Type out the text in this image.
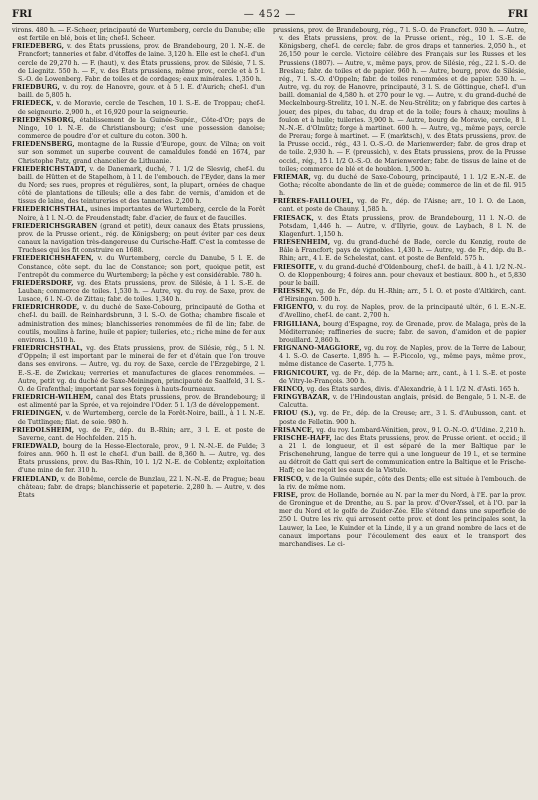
FRI	— 452 —	FRI
virons. 480 h. — F.-Scheer, principauté de Wurtemberg, cercle du Danube; elle est fertile en blé, bois et lin; chef-l. Scheer.
FRIEDEBERG, v. des États prussiens, prov. de Brandebourg, 20 l. N.-E. de Francfort; tanneries et fabr. d'étoffes de laine. 3,120 h. Elle est le chef-l. d'un cercle de 29,270 h. — F. (haut), v. des États prussiens, prov. de Silésie, 7 l. S. de Liegnitz. 550 h. — F., v. des États prussiens, même prov., cercle et à 5 l. S.-O. de Lowenberg. Fabr. de toiles et de cordages; eaux minérales. 1,350 h.
FRIEDBURG, v. du roy. de Hanovre, gouv. et à 5 l. E. d'Aurich; chef-l. d'un baill. de 5,805 h.
FRIEDECK, v. de Moravie, cercle de Teschen, 10 l. S.-E. de Troppau; chef-l. de seigneurie. 2,900 h., et 16,920 pour la seigneurie.
FRIEDENSBORG, établissement de la Guinée-Supér., Côte-d'Or; pays de Ningo, 10 l. N.-E. de Christiansbourg; c'est une possession danoise; commerce de poudre d'or et culture du coton. 300 h.
FRIEDENSBERG, montagne de la Russie d'Europe, gouv. de Vilna; on voit sur son sommet un superbe couvent de camaldules fondé en 1674, par Christophe Patz, grand chancelier de Lithuanie.
FRIEDERICHSTADT, v. de Danemark, duché, 7 l. 1/2 de Slesvig, chef-l. du baill. de Hütten et de Stapelhom, à 1 l. de l'embouch. de l'Eyder, dans la mer du Nord; ses rues, propres et régulières, sont, la plupart, ornées de chaque côté de plantations de tilleuls; elle a des fabr. de vernis, d'amidon et de tissus de laine, des teintureries et des tanneries. 2,200 h.
FRIEDERICHSTHAL, usines importantes de Wurtemberg, cercle de la Forêt Noire, à 1 l. N.-O. de Freudenstadt; fabr. d'acier, de faux et de faucilles.
FRIEDERICHSGRABEN (grand et petit), deux canaux des États prussiens, prov. de la Prusse orient., rég. de Königsberg; on peut éviter par ces deux canaux la navigation très-dangereuse du Curische-Haff. C'est la comtesse de Truchses qui les fit construire en 1688.
FRIEDERICHSHAFEN, v. du Wurtemberg, cercle du Danube, 5 l. E. de Constance, côte sept. du lac de Constance; son port, quoique petit, est l'entrepôt du commerce du Wurtemberg; la pêche y est considérable. 780 h.
FRIEDERSDORF, vg. des États prussiens, prov. de Silésie, à 1 l. S.-E. de Lauban; commerce de toiles. 1,530 h. — Autre, vg. du roy. de Saxe, prov. de Lusace, 6 l. N.-O. de Zittau; fabr. de toiles. 1,340 h.
FRIEDRICHRODE, v. du duché de Saxe-Cobourg, principauté de Gotha et chef-l. du baill. de Reinhardsbrunn, 3 l. S.-O. de Gotha; chambre fiscale et administration des mines; blanchisseries renommées de fil de lin; fabr. de coutils, moulins à farine, huile et papier; tuileries, etc.; riche mine de fer aux environs. 1,510 h.
FRIEDRICHSTHAL, vg. des États prussiens, prov. de Silésie, rég., 5 l. N. d'Oppeln; il est important par le minerai de fer et d'étain que l'on trouve dans ses environs. — Autre, vg. du roy. de Saxe, cercle de l'Erzgebirge, 2 l. E.-S.-E. de Zwickau; verreries et manufactures de glaces renommées. — Autre, petit vg. du duché de Saxe-Meiningen, principauté de Saalfeld, 3 l. S.-O. de Grafenthal; important par ses forges à hauts-fourneaux.
FRIEDRICH-WILHEM, canal des États prussiens, prov. de Brandebourg; il est alimenté par la Sprée, et va rejoindre l'Oder. 5 l. 1/3 de développement.
FRIEDINGEN, v. de Wurtemberg, cercle de la Forêt-Noire, baill., à 1 l. N.-E. de Tuttlingen; filat. de soie. 980 h.
FRIEDOLSHEIM, vg. de Fr., dép. du B.-Rhin; arr., 3 l. E. et poste de Saverne, cant. de Hochfelden. 215 h.
FRIEDWALD, bourg de la Hesse-Electorale, prov., 9 l. N.-N.-E. de Fulde; 3 foires ann. 960 h. Il est le chef-l. d'un baill. de 8,360 h. — Autre, vg. des États prussiens, prov. du Bas-Rhin, 10 l. 1/2 N.-E. de Coblentz; exploitation d'une mine de fer. 310 h.
FRIEDLAND, v. de Bohême, cercle de Bunzlau, 22 l. N.-N.-E. de Prague; beau château; fabr. de draps; blanchisserie et papeterie. 2,280 h. — Autre, v. des États
prussiens, prov. de Brandebourg, rég., 7 l. S.-O. de Francfort. 930 h. — Autre, v. des États prussiens, prov. de la Prusse orient., rég., 10 l. S.-E. de Königsberg, chef-l. de cercle; fabr. de gros draps et tanneries. 2,050 h., et 26,150 pour le cercle. Victoire célèbre des Français sur les Russes et les Prussiens (1807). — Autre, v., même pays, prov. de Silésie, rég., 22 l. S.-O. de Breslau; fabr. de toiles et de papier. 960 h. — Autre, bourg, prov. de Silésie, rég., 7 l. S.-O. d'Oppeln; fabr. de toiles renommées et de papier. 530 h. — Autre, vg. du roy. de Hanovre, principauté, 3 l. S. de Göttingue, chef-l. d'un baill. domanial de 4,580 h. et 270 pour le vg. — Autre, v. du grand-duché de Meckelnbourg-Strelitz, 10 l. N.-E. de Neu-Strélitz; on y fabrique des cartes à jouer, des pipes, du tabac, du drap et de la toile; fours à chaux; moulins à foulon et à huile; tuileries. 3,900 h. — Autre, bourg de Moravie, cercle, 8 l. N.-N.-E. d'Olmütz; forge à martinet. 600 h. — Autre, vg., même pays, cercle de Prerau; forge à martinet. — F. (marktsch), v. des États prussiens, prov. de la Prusse occid., rég., 43 l. O.-S.-O. de Marienwerder; fabr. de gros drap et de toile. 2,930 h. — F. (preussich), v. des États prussiens, prov. de la Prusse occid., rég., 15 l. 1/2 O.-S.-O. de Marienwerder; fabr. de tissus de laine et de toiles; commerce de blé et de houblon. 1,500 h.
FRIEMAR, vg. du duché de Saxe-Cobourg, principauté, 1 l. 1/2 E.-N.-E. de Gotha; récolte abondante de lin et de guède; commerce de lin et de fil. 915 h.
FRIÈRES-FAILLOUEL, vg. de Fr., dép. de l'Aisne; arr., 10 l. O. de Laon, cant. et poste de Chauny. 1,585 h.
FRIESACK, v. des États prussiens, prov. de Brandebourg, 11 l. N.-O. de Potsdam, 1,446 h. — Autre, v. d'Illyrie, gouv. de Laybach, 8 l. N. de Klagenfurt. 1,150 h.
FRIESENHEIM, vg. du grand-duché de Bade, cercle du Kenzig, route de Bâle à Francfort; pays de vignobles. 1,430 h. — Autre, vg. de Fr., dép. du B.-Rhin; arr., 4 l. E. de Schelestat, cant. et poste de Benfeld. 575 h.
FRIESOITE, v. du grand-duché d'Oldenbourg, chef-l. de baill., à 4 l. 1/2 N.-N.-O. de Kloppenbourg; 4 foires ann. pour chevaux et bestiaux. 800 h., et 5,830 pour le baill.
FRIESSEN, vg. de Fr., dép. du H.-Rhin; arr., 5 l. O. et poste d'Altkirch, cant. d'Hirsingen. 500 h.
FRIGENTO, v. du roy. de Naples, prov. de la principauté ultér., 6 l. E.-N.-E. d'Avellino, chef-l. de cant. 2,700 h.
FRIGILIANA, bourg d'Espagne, roy. de Grenade, prov. de Malaga, près de la Méditerranée; raffineries de sucre; fabr. de savon, d'amidon et de papier brouillard. 2,860 h.
FRIGNANO-MAGGIORE, vg. du roy. de Naples, prov. de la Terre de Labour, 4 l. S.-O. de Caserte. 1,895 h. — F.-Piccolo, vg., même pays, même prov., même distance de Caserte. 1,775 h.
FRIGNICOURT, vg. de Fr., dép. de la Marne; arr., cant., à 1 l. S.-E. et poste de Vitry-le-François. 300 h.
FRINCO, vg. des États sardes, divis. d'Alexandrie, à 1 l. 1/2 N. d'Asti. 165 h.
FRINGYBAZAR, v. de l'Hindoustan anglais, présid. de Bengale, 5 l. N.-E. de Calcutta.
FRIOU (S.), vg. de Fr., dép. de la Creuse; arr., 3 l. S. d'Aubusson, cant. et poste de Felletin. 900 h.
FRISANCE, vg. du roy. Lombard-Vénitien, prov., 9 l. O.-N.-O. d'Udine. 2,210 h.
FRISCHE-HAFF, lac des États prussiens, prov. de Prusse orient. et occid.; il a 21 l. de longueur, et il est séparé de la mer Baltique par le Frischenehrung, langue de terre qui a une longueur de 19 l., et se termine au détroit de Gatt qui sert de communication entre la Baltique et le Frische-Haff; ce lac reçoit les eaux de la Vistule.
FRISCO, v. de la Guinée supér., côte des Dents; elle est située à l'embouch. de la riv. de même nom.
FRISE, prov. de Hollande, bornée au N. par la mer du Nord, à l'E. par la prov. de Groningue et de Drenthe, au S. par la prov. d'Over-Yssel, et à l'O. par la mer du Nord et le golfe de Zuider-Zée. Elle s'étend dans une superficie de 250 l. Outre les riv. qui arrosent cette prov. et dont les principales sont, la Lauwer, la Lee, le Kuinder et la Linde, il y a un grand nombre de lacs et de canaux importans pour l'écoulement des eaux et le transport des marchandises. Le ci-
